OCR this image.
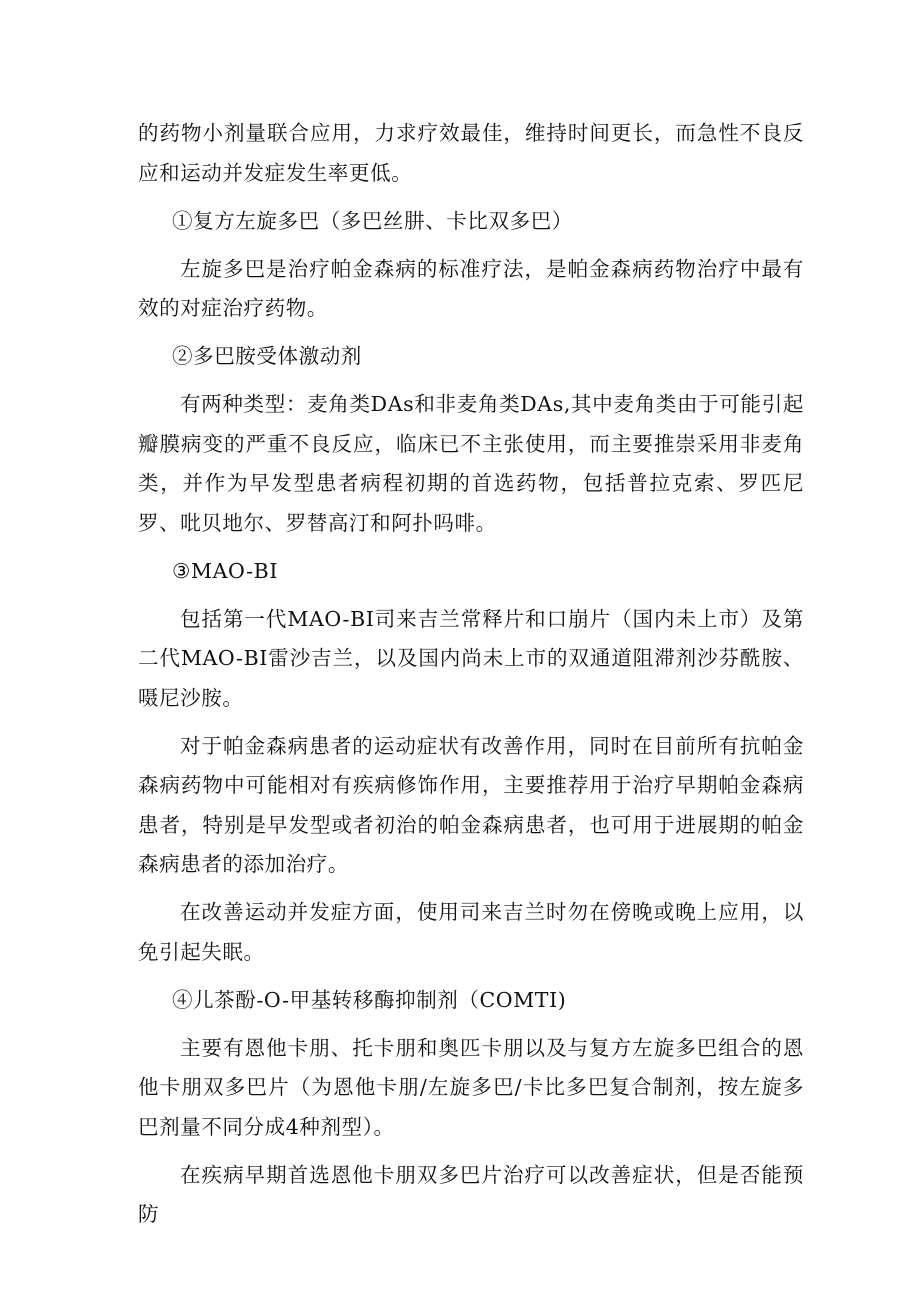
的药物小剂量联合应用，力求疗效最佳，维持时间更长，而急性不良反应和运动并发症发生率更低。

①复方左旋多巴（多巴丝肼、卡比双多巴）

左旋多巴是治疗帕金森病的标准疗法，是帕金森病药物治疗中最有效的对症治疗药物。

②多巴胺受体激动剂

有两种类型：麦角类DAs和非麦角类DAs,其中麦角类由于可能引起瓣膜病变的严重不良反应，临床已不主张使用，而主要推崇采用非麦角类，并作为早发型患者病程初期的首选药物，包括普拉克索、罗匹尼罗、吡贝地尔、罗替高汀和阿扑吗啡。

③MAO-BI

包括第一代MAO-BI司来吉兰常释片和口崩片（国内未上市）及第二代MAO-BI雷沙吉兰，以及国内尚未上市的双通道阻滞剂沙芬酰胺、嗫尼沙胺。

对于帕金森病患者的运动症状有改善作用，同时在目前所有抗帕金森病药物中可能相对有疾病修饰作用，主要推荐用于治疗早期帕金森病患者，特别是早发型或者初治的帕金森病患者，也可用于进展期的帕金森病患者的添加治疗。

在改善运动并发症方面，使用司来吉兰时勿在傍晚或晚上应用，以免引起失眠。

④儿茶酚-O-甲基转移酶抑制剂（COMTI)

主要有恩他卡朋、托卡朋和奥匹卡朋以及与复方左旋多巴组合的恩他卡朋双多巴片（为恩他卡朋/左旋多巴/卡比多巴复合制剂，按左旋多巴剂量不同分成4种剂型）。

在疾病早期首选恩他卡朋双多巴片治疗可以改善症状，但是否能预防
